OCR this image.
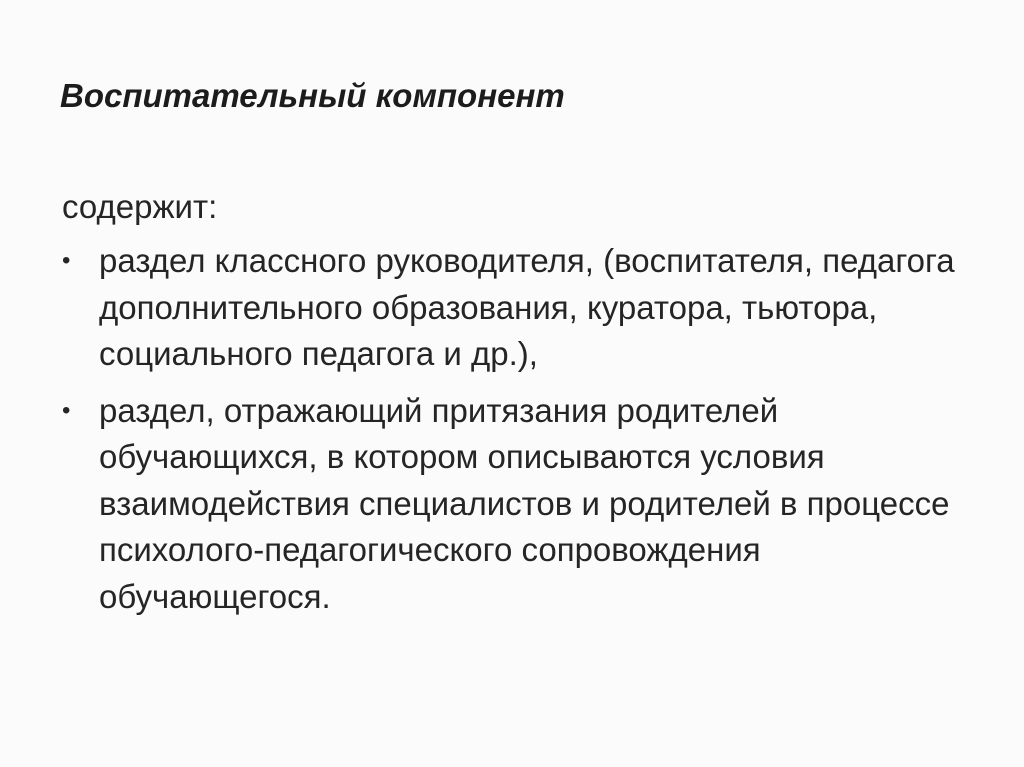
Воспитательный компонент

содержит:

• раздел классного руководителя, (воспитателя, педагога дополнительного образования, куратора, тьютора, социального педагога и др.),
• раздел, отражающий притязания родителей обучающихся, в котором описываются условия взаимодействия специалистов и родителей в процессе психолого-педагогического сопровождения обучающегося.
